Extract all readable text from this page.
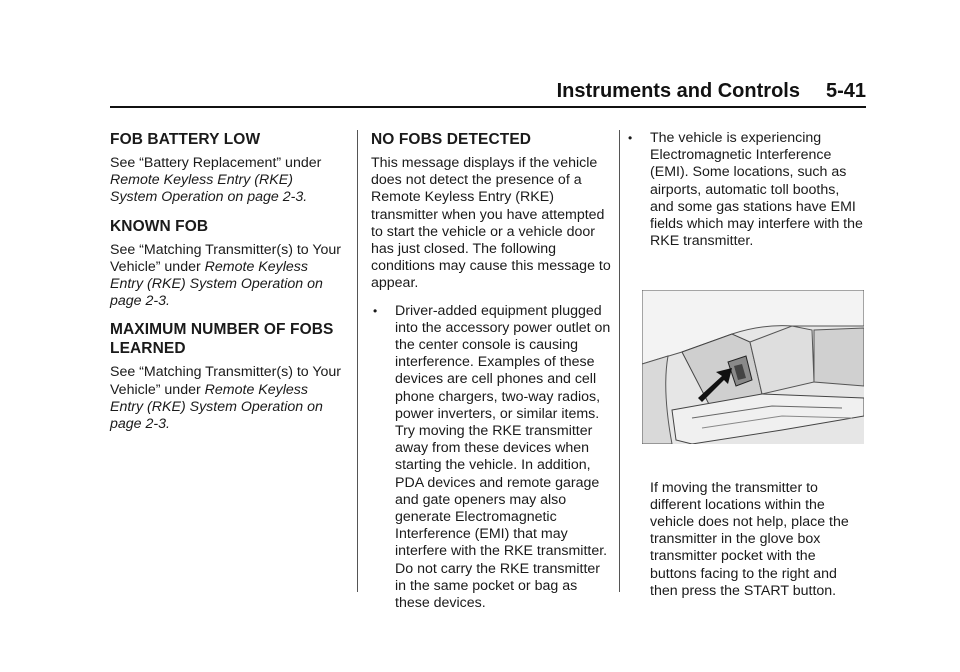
Instruments and Controls 5-41
FOB BATTERY LOW

See “Battery Replacement” under Remote Keyless Entry (RKE) System Operation on page 2-3.

KNOWN FOB

See “Matching Transmitter(s) to Your Vehicle” under Remote Keyless Entry (RKE) System Operation on page 2-3.

MAXIMUM NUMBER OF FOBS LEARNED

See “Matching Transmitter(s) to Your Vehicle” under Remote Keyless Entry (RKE) System Operation on page 2-3.

NO FOBS DETECTED

This message displays if the vehicle does not detect the presence of a Remote Keyless Entry (RKE) transmitter when you have attempted to start the vehicle or a vehicle door has just closed. The following conditions may cause this message to appear.

• Driver-added equipment plugged into the accessory power outlet on the center console is causing interference. Examples of these devices are cell phones and cell phone chargers, two-way radios, power inverters, or similar items. Try moving the RKE transmitter away from these devices when starting the vehicle. In addition, PDA devices and remote garage and gate openers may also generate Electromagnetic Interference (EMI) that may interfere with the RKE transmitter. Do not carry the RKE transmitter in the same pocket or bag as these devices.
• The vehicle is experiencing Electromagnetic Interference (EMI). Some locations, such as airports, automatic toll booths, and some gas stations have EMI fields which may interfere with the RKE transmitter.

If moving the transmitter to different locations within the vehicle does not help, place the transmitter in the glove box transmitter pocket with the buttons facing to the right and then press the START button.
